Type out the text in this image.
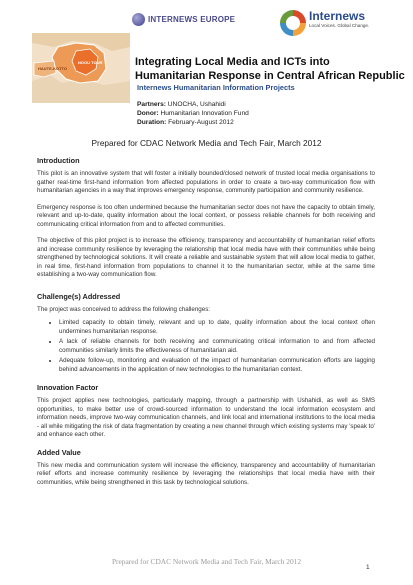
INTERNEWS EUROPE	Internews
Local Voices. Global Change.
HAUTE-KOTTO
NGOU TOUR	Integrating Local Media and ICTs into
Humanitarian Response in Central African Republic
Internews Humanitarian Information Projects
Partners: UNOCHA, Ushahidi
Donor: Humanitarian Innovation Fund
Duration: February-August 2012
Prepared for CDAC Network Media and Tech Fair, March 2012
Introduction

This pilot is an innovative system that will foster a initially bounded/closed network of trusted local media organisations to gather real-time first-hand information from affected populations in order to create a two-way communication flow with humanitarian agencies in a way that improves emergency response, community participation and community resilience.

Emergency response is too often undermined because the humanitarian sector does not have the capacity to obtain timely, relevant and up-to-date, quality information about the local context, or possess reliable channels for both receiving and communicating critical information from and to affected communities.

The objective of this pilot project is to increase the efficiency, transparency and accountability of humanitarian relief efforts and increase community resilience by leveraging the relationship that local media have with their communities while being strengthened by technological solutions. It will create a reliable and sustainable system that will allow local media to gather, in real time, first-hand information from populations to channel it to the humanitarian sector, while at the same time establishing a two-way communication flow.

Challenge(s) Addressed

The project was conceived to address the following challenges:

• Limited capacity to obtain timely, relevant and up to date, quality information about the local context often undermines humanitarian response.
• A lack of reliable channels for both receiving and communicating critical information to and from affected communities similarly limits the effectiveness of humanitarian aid.
• Adequate follow-up, monitoring and evaluation of the impact of humanitarian communication efforts are lagging behind advancements in the application of new technologies to the humanitarian context.
Innovation Factor

This project applies new technologies, particularly mapping, through a partnership with Ushahidi, as well as SMS opportunities, to make better use of crowd-sourced information to understand the local information ecosystem and information needs, improve two-way communication channels, and link local and international institutions to the local media - all while mitigating the risk of data fragmentation by creating a new channel through which existing systems may 'speak to' and enhance each other.

Added Value

This new media and communication system will increase the efficiency, transparency and accountability of humanitarian relief efforts and increase community resilience by leveraging the relationships that local media have with their communities, while being strengthened in this task by technological solutions.

Prepared for CDAC Network Media and Tech Fair, March 2012
1
